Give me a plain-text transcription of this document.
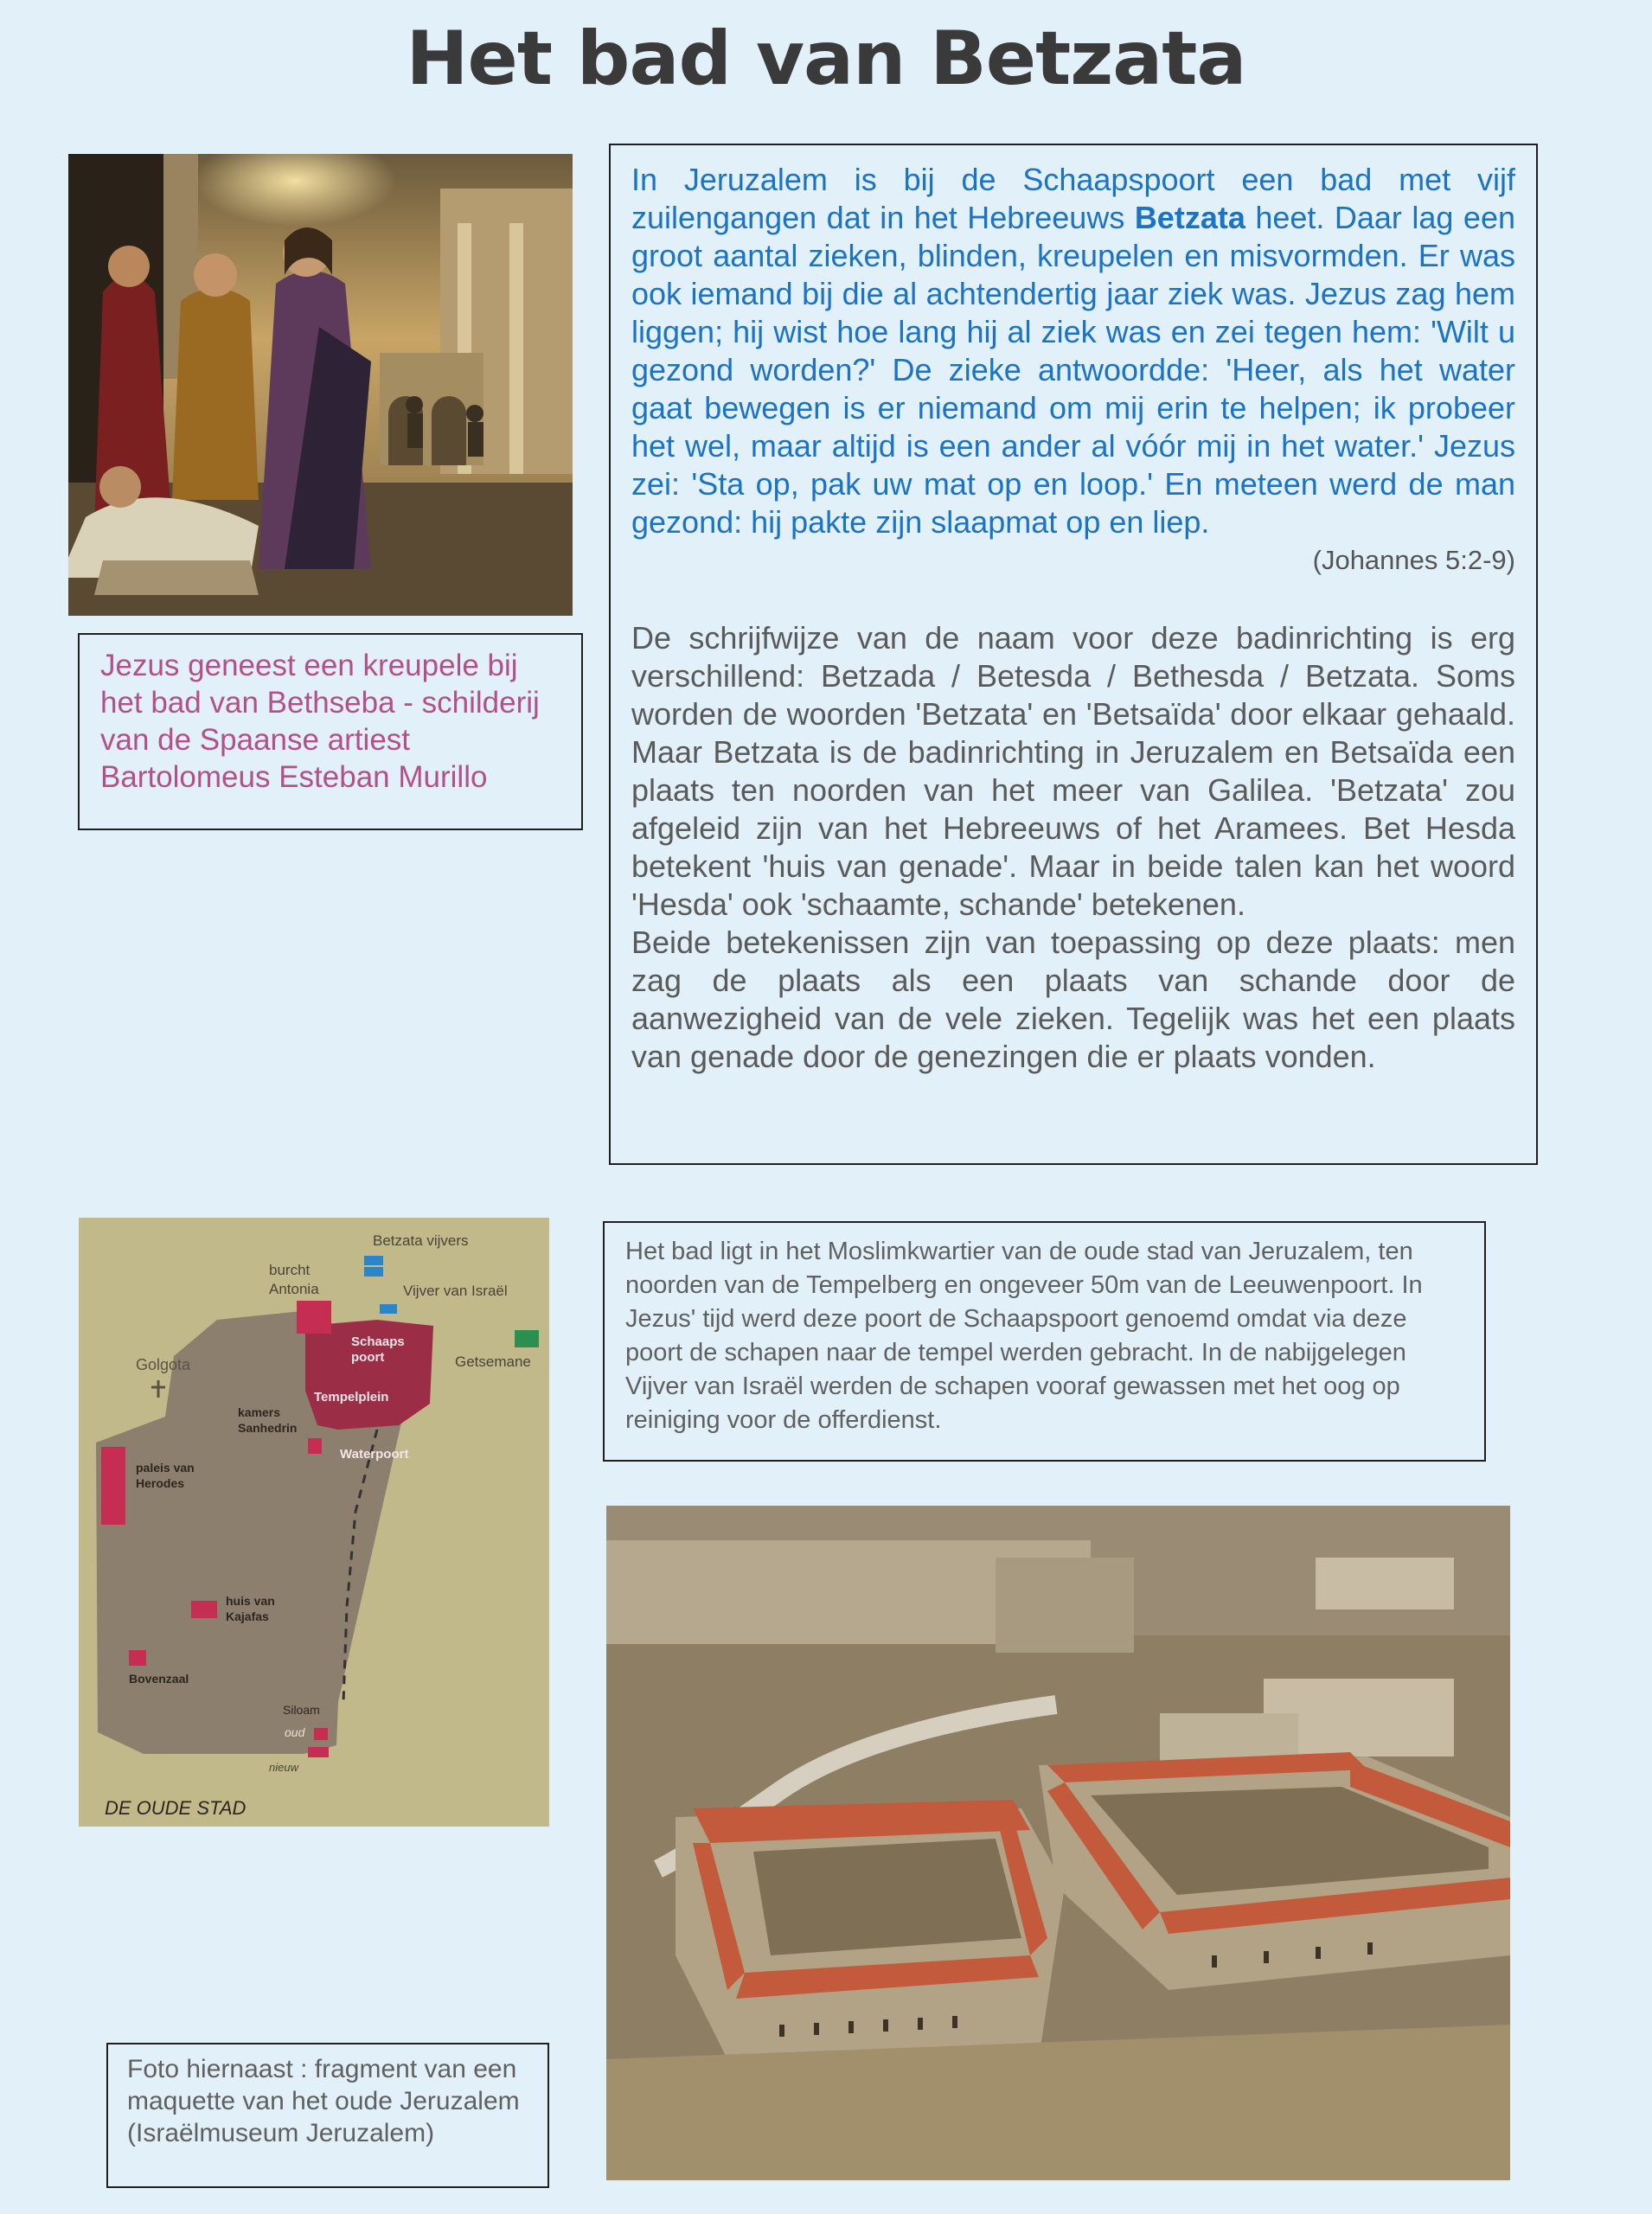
Het bad van Betzata

Jezus geneest een kreupele bij het bad van Bethseba - schilderij van de Spaanse artiest Bartolomeus Esteban Murillo

In Jeruzalem is bij de Schaapspoort een bad met vijf zuilengangen dat in het Hebreeuws Betzata heet. Daar lag een groot aantal zieken, blinden, kreupelen en misvormden. Er was ook iemand bij die al achtendertig jaar ziek was. Jezus zag hem liggen; hij wist hoe lang hij al ziek was en zei tegen hem: 'Wilt u gezond worden?' De zieke antwoordde: 'Heer, als het water gaat bewegen is er niemand om mij erin te helpen; ik probeer het wel, maar altijd is een ander al vóór mij in het water.' Jezus zei: 'Sta op, pak uw mat op en loop.' En meteen werd de man gezond: hij pakte zijn slaapmat op en liep.

(Johannes 5:2-9)

De schrijfwijze van de naam voor deze badinrichting is erg verschillend: Betzada / Betesda / Bethesda / Betzata. Soms worden de woorden 'Betzata' en 'Betsaïda' door elkaar gehaald. Maar Betzata is de badinrichting in Jeruzalem en Betsaïda een plaats ten noorden van het meer van Galilea. 'Betzata' zou afgeleid zijn van het Hebreeuws of het Aramees. Bet Hesda betekent 'huis van genade'. Maar in beide talen kan het woord 'Hesda' ook 'schaamte, schande' betekenen.

Beide betekenissen zijn van toepassing op deze plaats: men zag de plaats als een plaats van schande door de aanwezigheid van de vele zieken. Tegelijk was het een plaats van genade door de genezingen die er plaats vonden.

Betzata vijvers
burcht
Antonia	Vijver van Israël
Schaaps
poort
Golgota	Getsemane
kamers
Sanhedrin
Tempelplein
Waterpoort
paleis van
Herodes
huis van
Kajafas
Bovenzaal
Siloam
oud
nieuw
DE OUDE STAD

Het bad ligt in het Moslimkwartier van de oude stad van Jeruzalem, ten noorden van de Tempelberg en ongeveer 50m van de Leeuwenpoort. In Jezus' tijd werd deze poort de Schaapspoort genoemd omdat via deze poort de schapen naar de tempel werden gebracht. In de nabijgelegen Vijver van Israël werden de schapen vooraf gewassen met het oog op reiniging voor de offerdienst.

Foto hiernaast : fragment van een maquette van het oude Jeruzalem (Israëlmuseum Jeruzalem)
